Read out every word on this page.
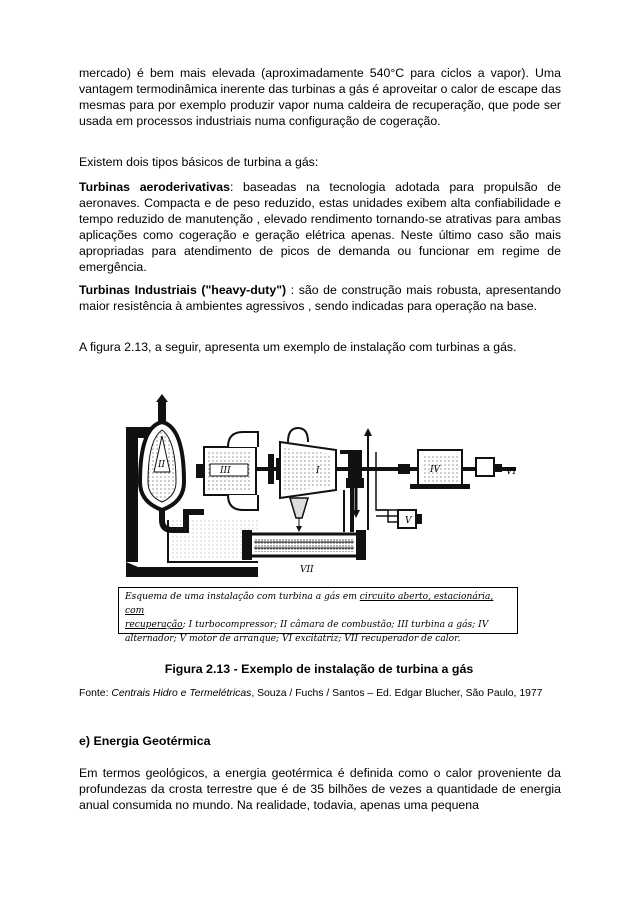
mercado) é bem mais elevada (aproximadamente 540°C para ciclos a vapor). Uma vantagem termodinâmica inerente das turbinas a gás é aproveitar o calor de escape das mesmas para por exemplo produzir vapor numa caldeira de recuperação, que pode ser usada em processos industriais numa configuração de cogeração.

Existem dois tipos básicos de turbina a gás:

Turbinas aeroderivativas: baseadas na tecnologia adotada para propulsão de aeronaves. Compacta e de peso reduzido, estas unidades exibem alta confiabilidade e tempo reduzido de manutenção , elevado rendimento tornando-se atrativas para ambas aplicações como cogeração e geração elétrica apenas. Neste último caso são mais apropriadas para atendimento de picos de demanda ou funcionar em regime de emergência.

Turbinas Industriais ("heavy-duty") : são de construção mais robusta, apresentando maior resistência à ambientes agressivos , sendo indicadas para operação na base.

A figura 2.13, a seguir, apresenta um exemplo de instalação com turbinas a gás.

II
III	I
VII
IV	VI
V
Esquema de uma instalação com turbina a gás em circuito aberto, estacionária, com
recuperação; I turbocompressor; II câmara de combustão; III turbina a gás; IV
alternador; V motor de arranque; VI excitatriz; VII recuperador de calor.
Figura 2.13 - Exemplo de instalação de turbina a gás
Fonte: Centrais Hidro e Termelétricas, Souza / Fuchs / Santos – Ed. Edgar Blucher, São Paulo, 1977
e) Energia Geotérmica

Em termos geológicos, a energia geotérmica é definida como o calor proveniente da profundezas da crosta terrestre que é de 35 bilhões de vezes a quantidade de energia anual consumida no mundo. Na realidade, todavia, apenas uma pequena
